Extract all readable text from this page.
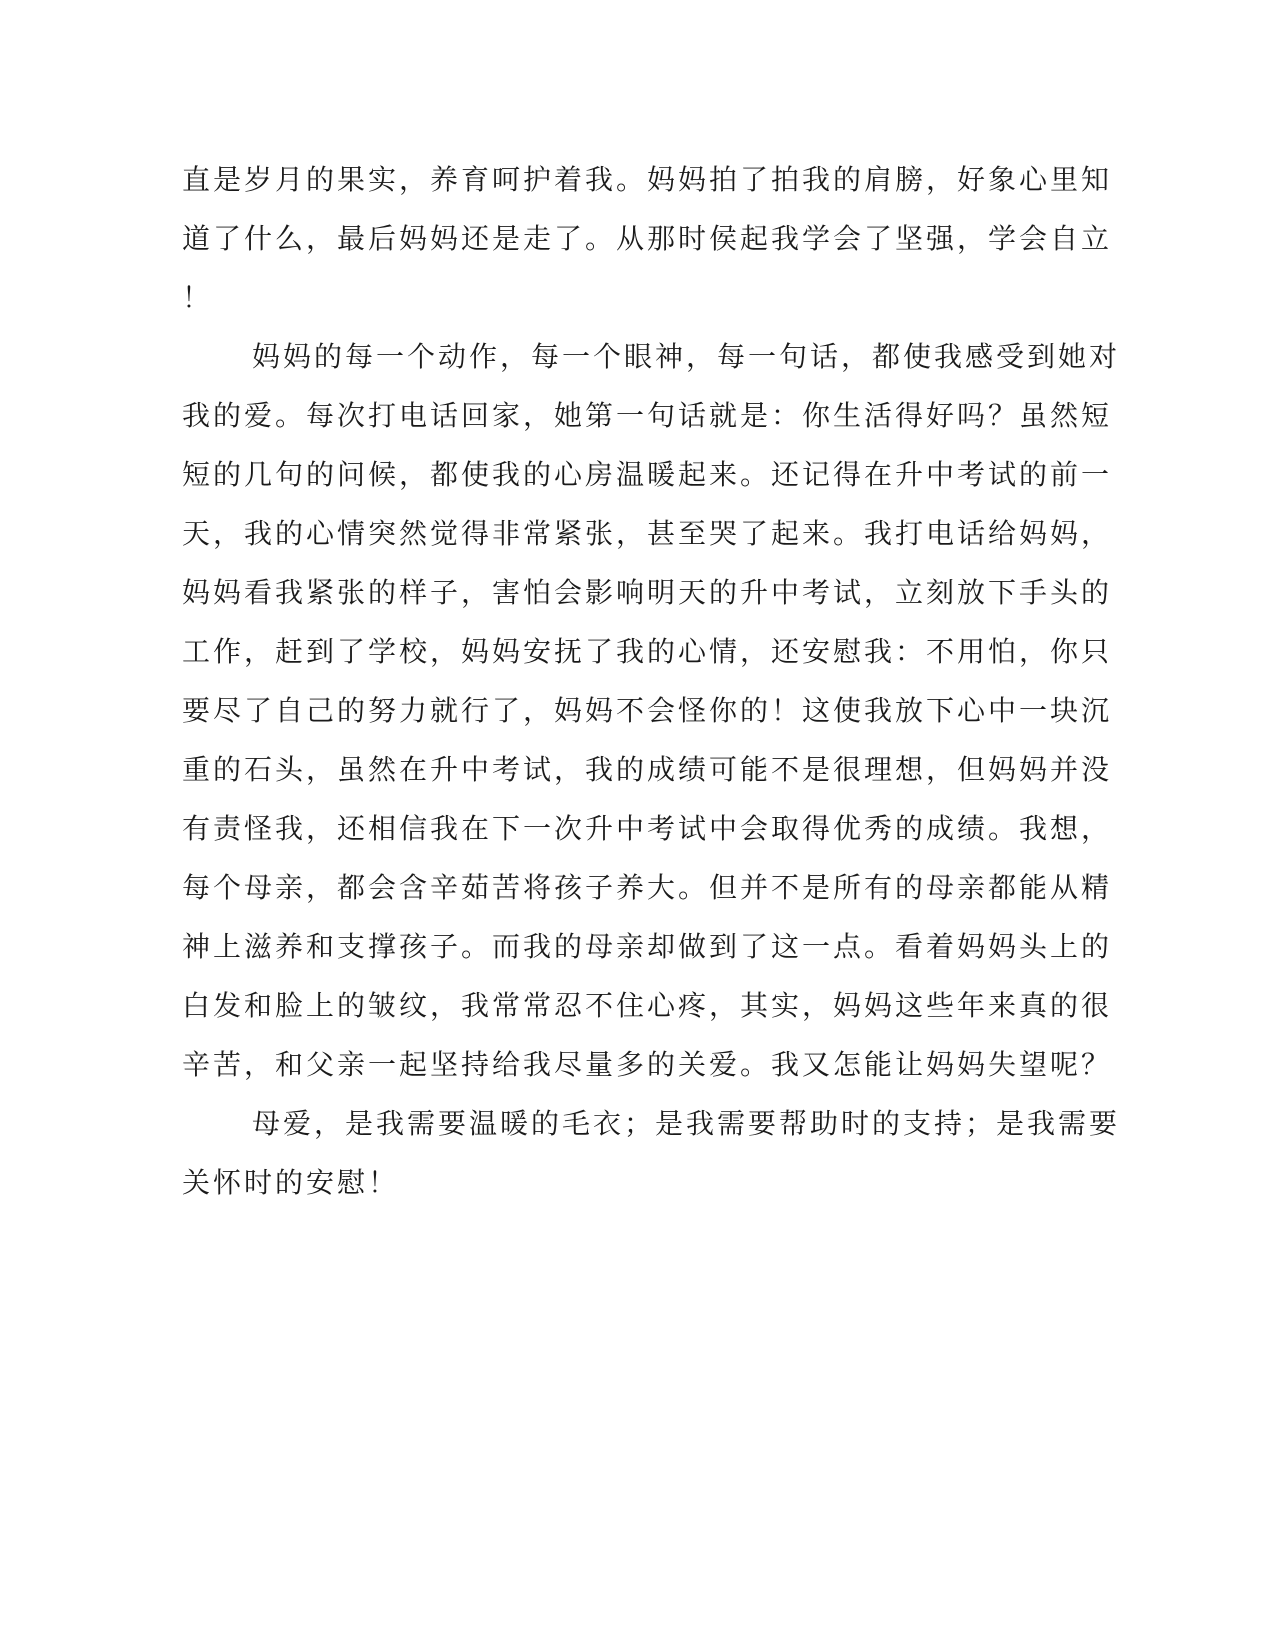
直是岁月的果实，养育呵护着我。妈妈拍了拍我的肩膀，好象心里知
道了什么，最后妈妈还是走了。从那时侯起我学会了坚强，学会自立
！
妈妈的每一个动作，每一个眼神，每一句话，都使我感受到她对
我的爱。每次打电话回家，她第一句话就是：你生活得好吗？虽然短
短的几句的问候，都使我的心房温暖起来。还记得在升中考试的前一
天，我的心情突然觉得非常紧张，甚至哭了起来。我打电话给妈妈，
妈妈看我紧张的样子，害怕会影响明天的升中考试，立刻放下手头的
工作，赶到了学校，妈妈安抚了我的心情，还安慰我：不用怕，你只
要尽了自己的努力就行了，妈妈不会怪你的！这使我放下心中一块沉
重的石头，虽然在升中考试，我的成绩可能不是很理想，但妈妈并没
有责怪我，还相信我在下一次升中考试中会取得优秀的成绩。我想，
每个母亲，都会含辛茹苦将孩子养大。但并不是所有的母亲都能从精
神上滋养和支撑孩子。而我的母亲却做到了这一点。看着妈妈头上的
白发和脸上的皱纹，我常常忍不住心疼，其实，妈妈这些年来真的很
辛苦，和父亲一起坚持给我尽量多的关爱。我又怎能让妈妈失望呢？
母爱，是我需要温暖的毛衣；是我需要帮助时的支持；是我需要
关怀时的安慰！
